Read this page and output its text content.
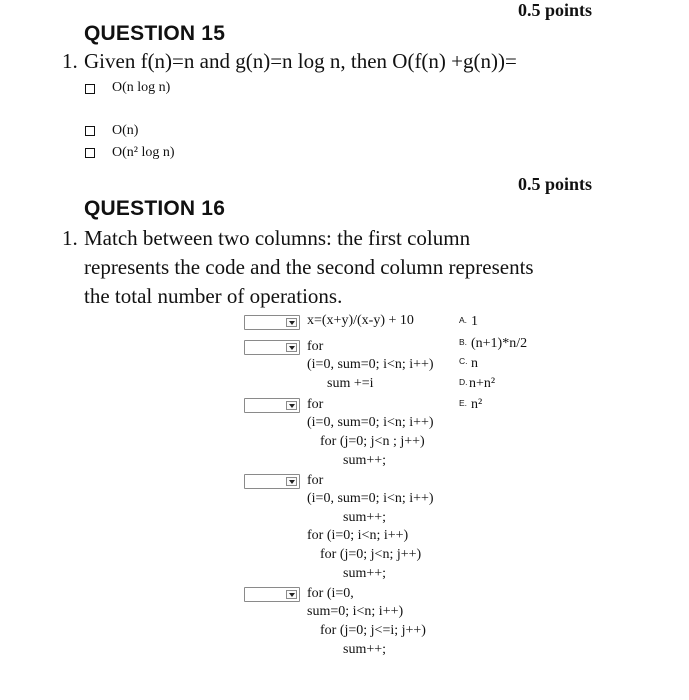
0.5 points
QUESTION 15
1. Given f(n)=n and g(n)=n log n, then O(f(n) +g(n))=
O(n log n)
O(n)
O(n² log n)
0.5 points
QUESTION 16
1. Match between two columns: the first column
represents the code and the second column represents
the total number of operations.
x=(x+y)/(x-y) + 10
for
(i=0, sum=0; i<n; i++)
sum +=i
for
(i=0, sum=0; i<n; i++)
for (j=0; j<n ; j++)
sum++;
for
(i=0, sum=0; i<n; i++)
sum++;
for (i=0; i<n; i++)
for (j=0; j<n; j++)
sum++;
for (i=0,
sum=0; i<n; i++)
for (j=0; j<=i; j++)
sum++;
A. 1
B. (n+1)*n/2
C. n
D. n+n²
E. n²
